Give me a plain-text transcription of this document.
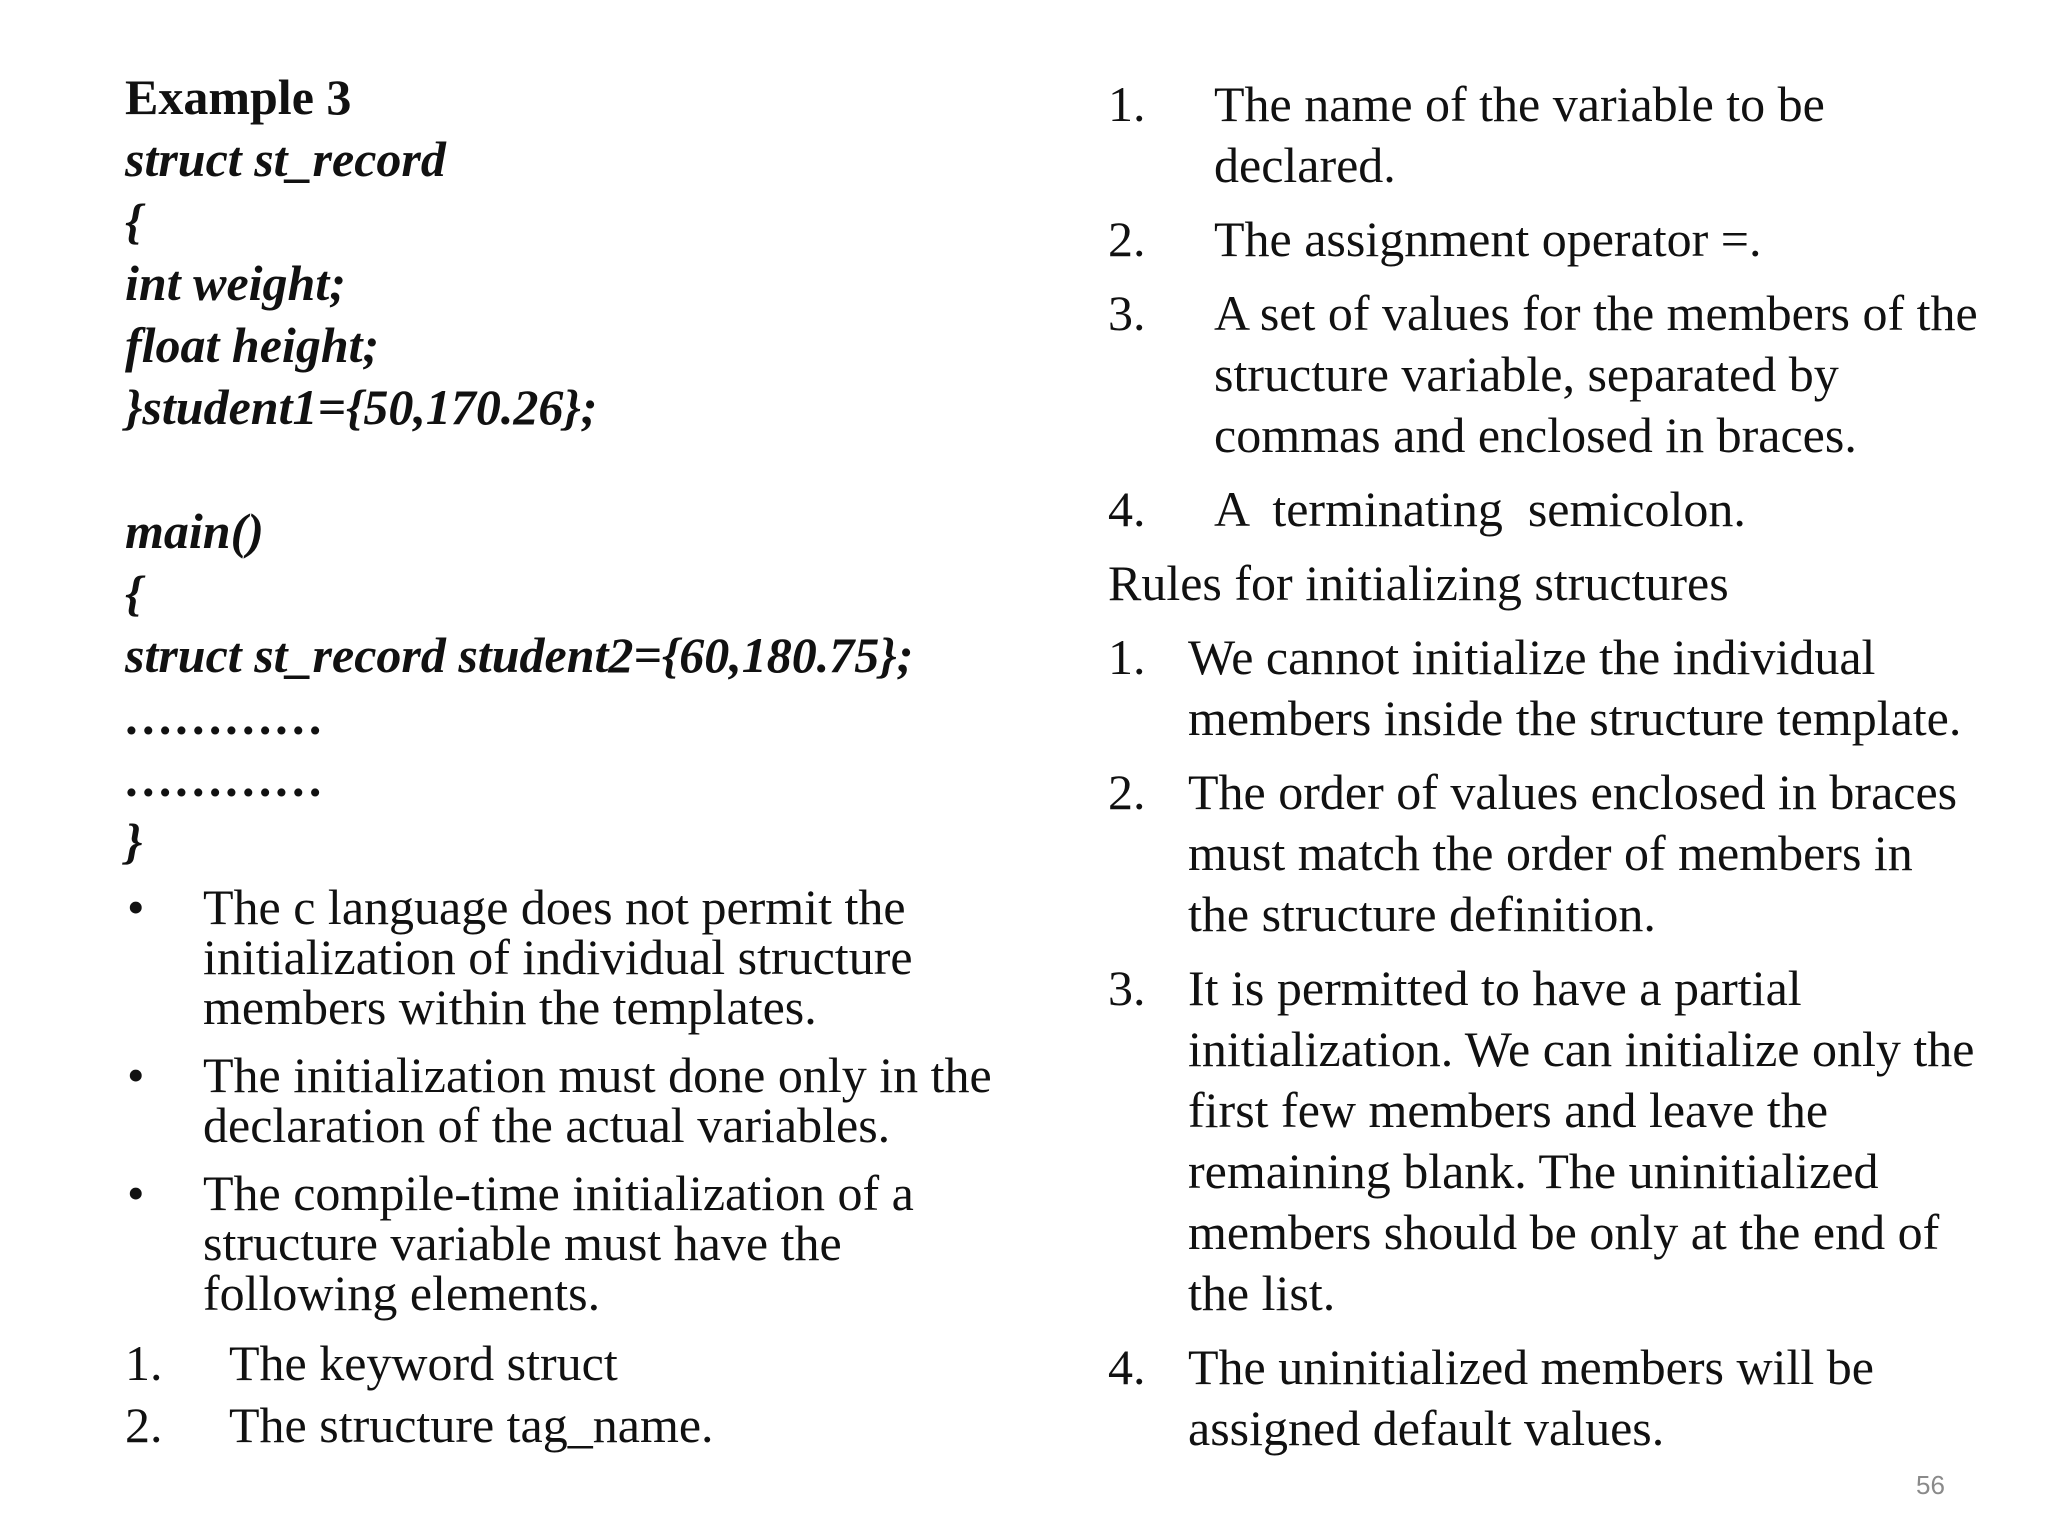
Example 3
struct st_record
{
int weight;
float height;
}student1={50,170.26};
main()
{
struct st_record student2={60,180.75};
…………
…………
}
• The c language does not permit the initialization of individual structure members within the templates.
• The initialization must done only in the declaration of the actual variables.
• The compile-time initialization of a structure variable must have the following elements.
1. The keyword struct
2. The structure tag_name.
1. The name of the variable to be declared.
2. The assignment operator =.
3. A set of values for the members of the structure variable, separated by commas and enclosed in braces.
4. A  terminating  semicolon.
Rules for initializing structures
1. We cannot initialize the individual members inside the structure template.
2. The order of values enclosed in braces must match the order of members in the structure definition.
3. It is permitted to have a partial initialization. We can initialize only the first few members and leave the remaining blank. The uninitialized members should be only at the end of the list.
4. The uninitialized members will be assigned default values.
56
